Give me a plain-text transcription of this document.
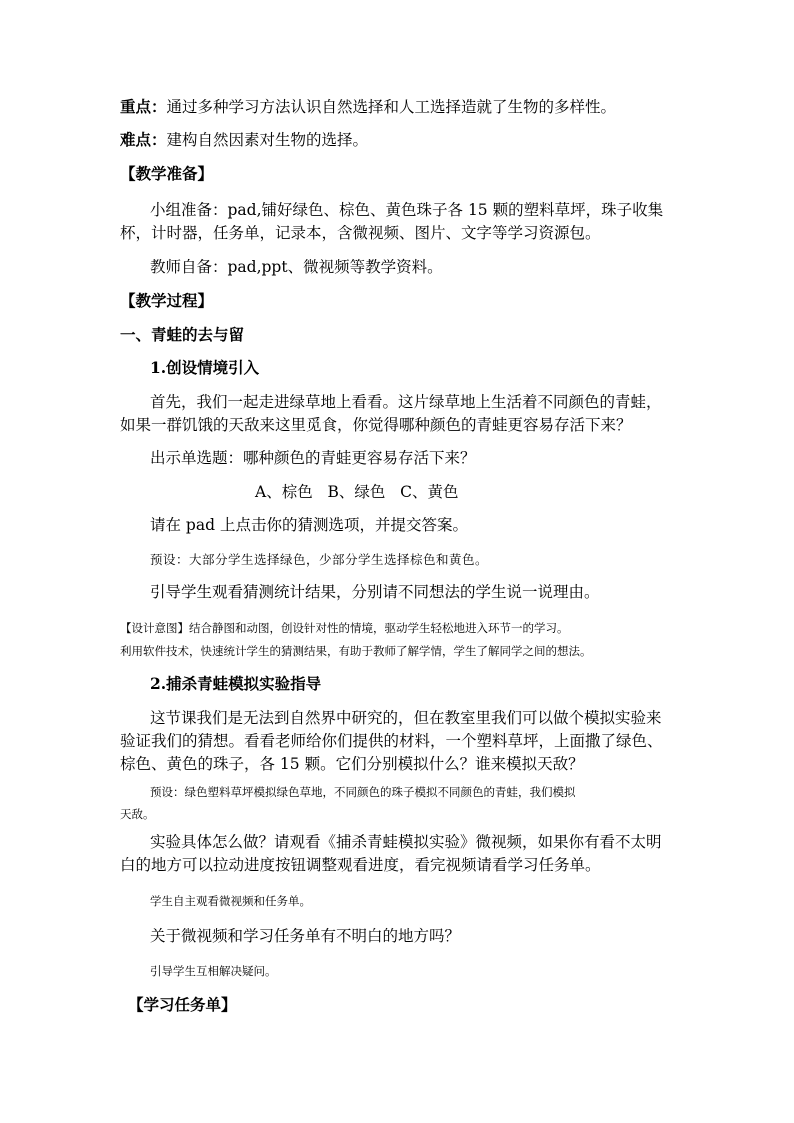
重点：通过多种学习方法认识自然选择和人工选择造就了生物的多样性。
难点：建构自然因素对生物的选择。
【教学准备】
小组准备：pad,铺好绿色、棕色、黄色珠子各 15 颗的塑料草坪，珠子收集
杯，计时器，任务单，记录本，含微视频、图片、文字等学习资源包。
教师自备：pad,ppt、微视频等教学资料。
【教学过程】
一、青蛙的去与留
1.创设情境引入
首先，我们一起走进绿草地上看看。这片绿草地上生活着不同颜色的青蛙，
如果一群饥饿的天敌来这里觅食，你觉得哪种颜色的青蛙更容易存活下来？
出示单选题：哪种颜色的青蛙更容易存活下来？
A、棕色   B、绿色   C、黄色
请在 pad 上点击你的猜测选项，并提交答案。
预设：大部分学生选择绿色，少部分学生选择棕色和黄色。
引导学生观看猜测统计结果，分别请不同想法的学生说一说理由。
【设计意图】结合静图和动图，创设针对性的情境，驱动学生轻松地进入环节一的学习。
利用软件技术，快速统计学生的猜测结果，有助于教师了解学情，学生了解同学之间的想法。
2.捕杀青蛙模拟实验指导
这节课我们是无法到自然界中研究的，但在教室里我们可以做个模拟实验来
验证我们的猜想。看看老师给你们提供的材料，一个塑料草坪，上面撒了绿色、
棕色、黄色的珠子，各 15 颗。它们分别模拟什么？谁来模拟天敌？
预设：绿色塑料草坪模拟绿色草地，不同颜色的珠子模拟不同颜色的青蛙，我们模拟
天敌。
实验具体怎么做？请观看《捕杀青蛙模拟实验》微视频，如果你有看不太明
白的地方可以拉动进度按钮调整观看进度，看完视频请看学习任务单。
学生自主观看微视频和任务单。
关于微视频和学习任务单有不明白的地方吗？
引导学生互相解决疑问。
【学习任务单】
